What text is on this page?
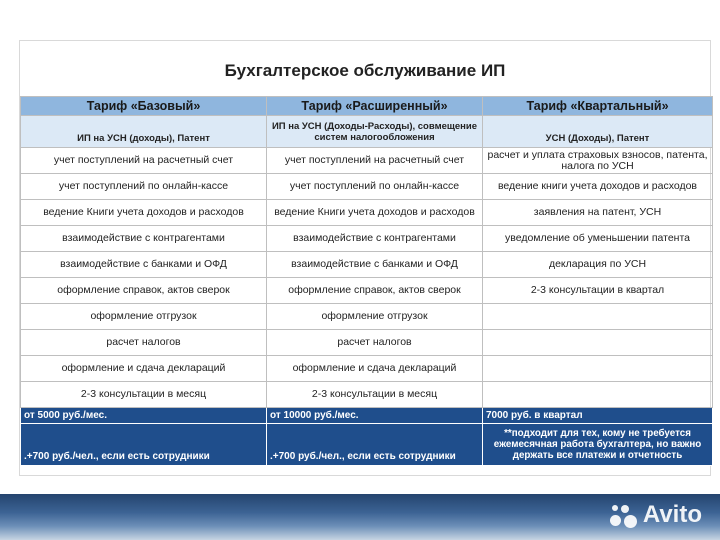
Бухгалтерское обслуживание ИП
Тариф «Базовый»	Тариф «Расширенный»	Тариф «Квартальный»
ИП на УСН (доходы), Патент	ИП на УСН (Доходы-Расходы), совмещение систем налогообложения	УСН (Доходы), Патент
учет поступлений на расчетный счет	учет поступлений на расчетный счет	расчет и уплата страховых взносов, патента, налога по УСН
учет поступлений по онлайн-кассе	учет поступлений по онлайн-кассе	ведение книги учета доходов и расходов
ведение Книги учета доходов и расходов	ведение Книги учета доходов и расходов	заявления на патент, УСН
взаимодействие с контрагентами	взаимодействие с контрагентами	уведомление об уменьшении патента
взаимодействие с банками и ОФД	взаимодействие с банками и ОФД	декларация по УСН
оформление справок, актов сверок	оформление справок, актов сверок	2-3 консультации в квартал
оформление отгрузок	оформление отгрузок	
расчет налогов	расчет налогов	
оформление и сдача деклараций	оформление и сдача деклараций	
2-3 консультации в месяц	2-3 консультации в месяц	
от 5000 руб./мес.	от 10000 руб./мес.	7000 руб. в квартал
.+700 руб./чел., если есть сотрудники	.+700 руб./чел., если есть сотрудники	**подходит для тех, кому не требуется ежемесячная работа бухгалтера, но важно держать все платежи и отчетность
Avito
